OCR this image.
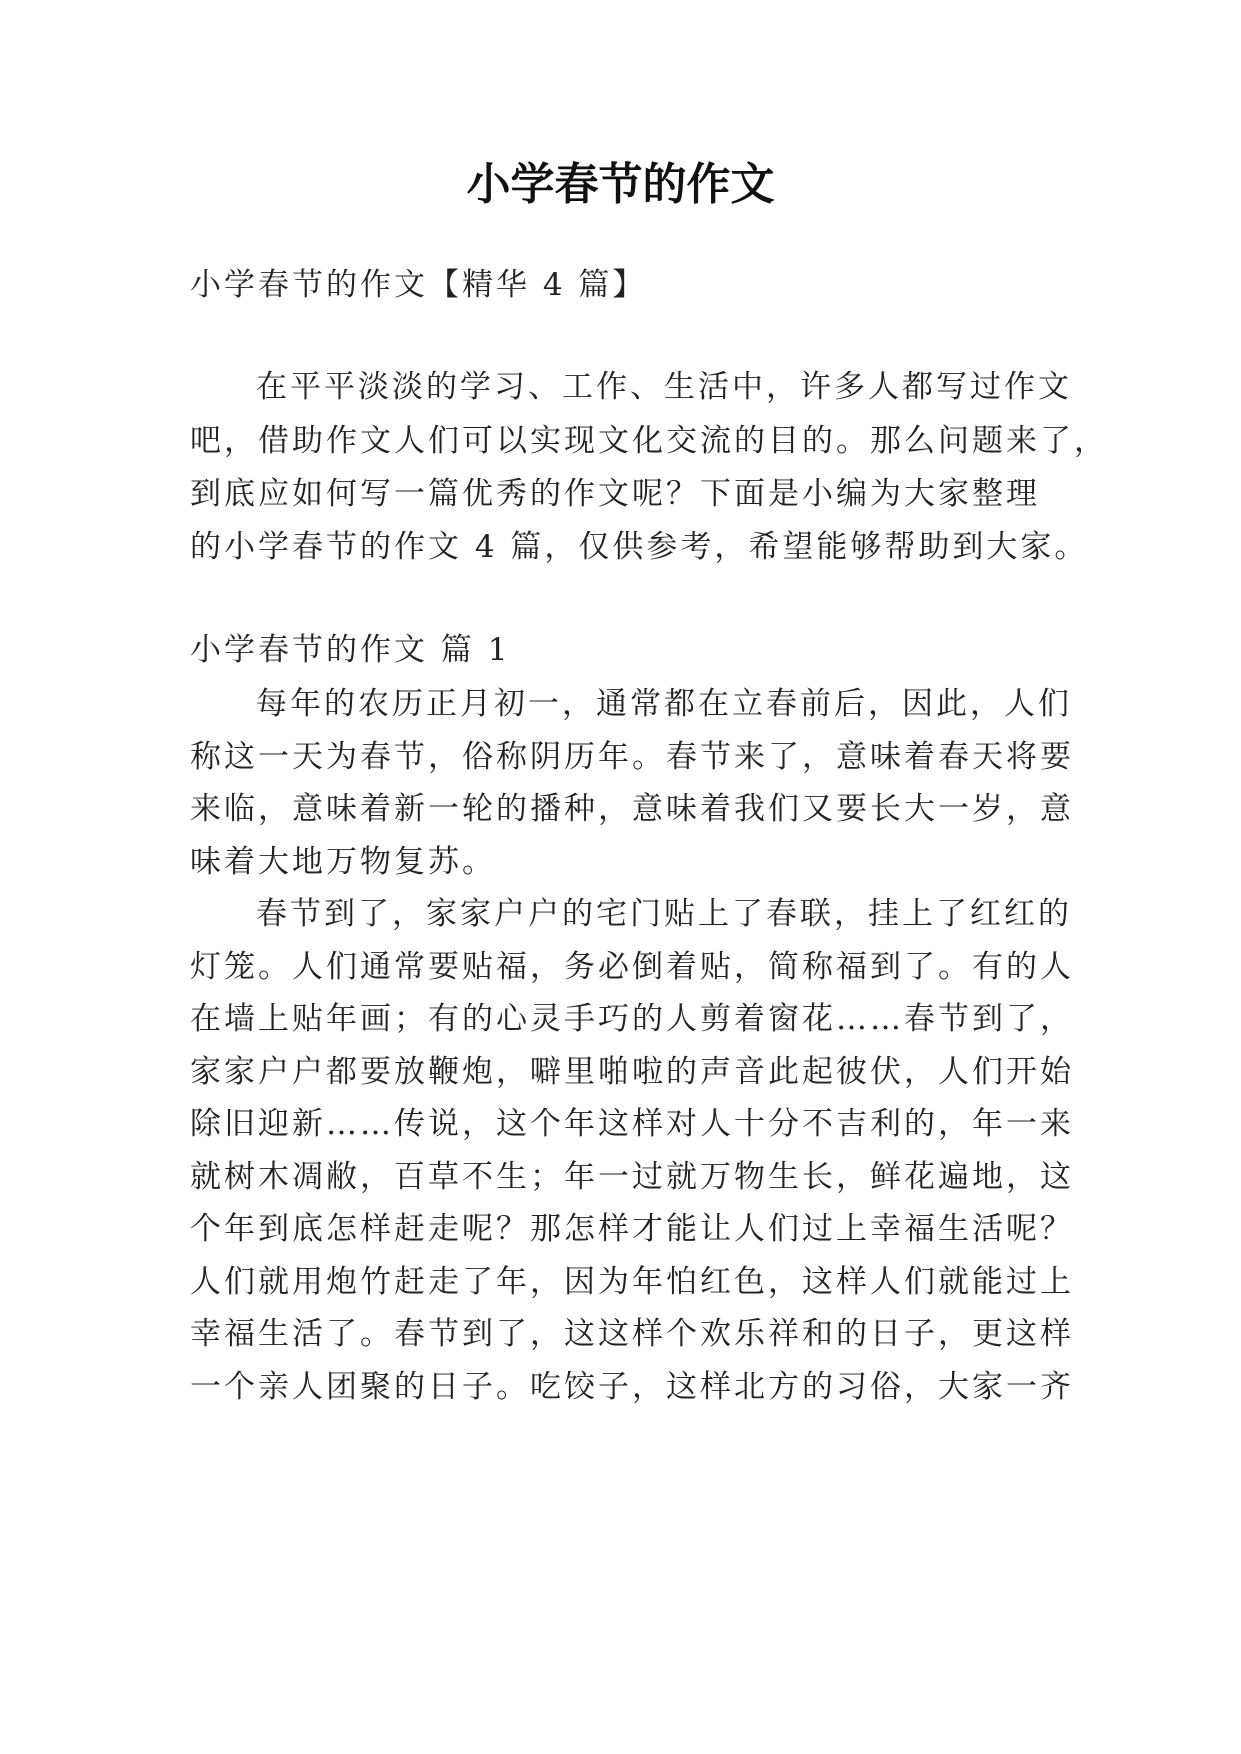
小学春节的作文

小学春节的作文【精华 4 篇】

在平平淡淡的学习、工作、生活中，许多人都写过作文

吧，借助作文人们可以实现文化交流的目的。那么问题来了，

到底应如何写一篇优秀的作文呢？下面是小编为大家整理

的小学春节的作文 4 篇，仅供参考，希望能够帮助到大家。

小学春节的作文 篇 1

每年的农历正月初一，通常都在立春前后，因此，人们

称这一天为春节，俗称阴历年。春节来了，意味着春天将要

来临，意味着新一轮的播种，意味着我们又要长大一岁，意

味着大地万物复苏。

春节到了，家家户户的宅门贴上了春联，挂上了红红的

灯笼。人们通常要贴福，务必倒着贴，简称福到了。有的人

在墙上贴年画；有的心灵手巧的人剪着窗花……春节到了，

家家户户都要放鞭炮，噼里啪啦的声音此起彼伏，人们开始

除旧迎新……传说，这个年这样对人十分不吉利的，年一来

就树木凋敝，百草不生；年一过就万物生长，鲜花遍地，这

个年到底怎样赶走呢？那怎样才能让人们过上幸福生活呢？

人们就用炮竹赶走了年，因为年怕红色，这样人们就能过上

幸福生活了。春节到了，这这样个欢乐祥和的日子，更这样

一个亲人团聚的日子。吃饺子，这样北方的习俗，大家一齐
